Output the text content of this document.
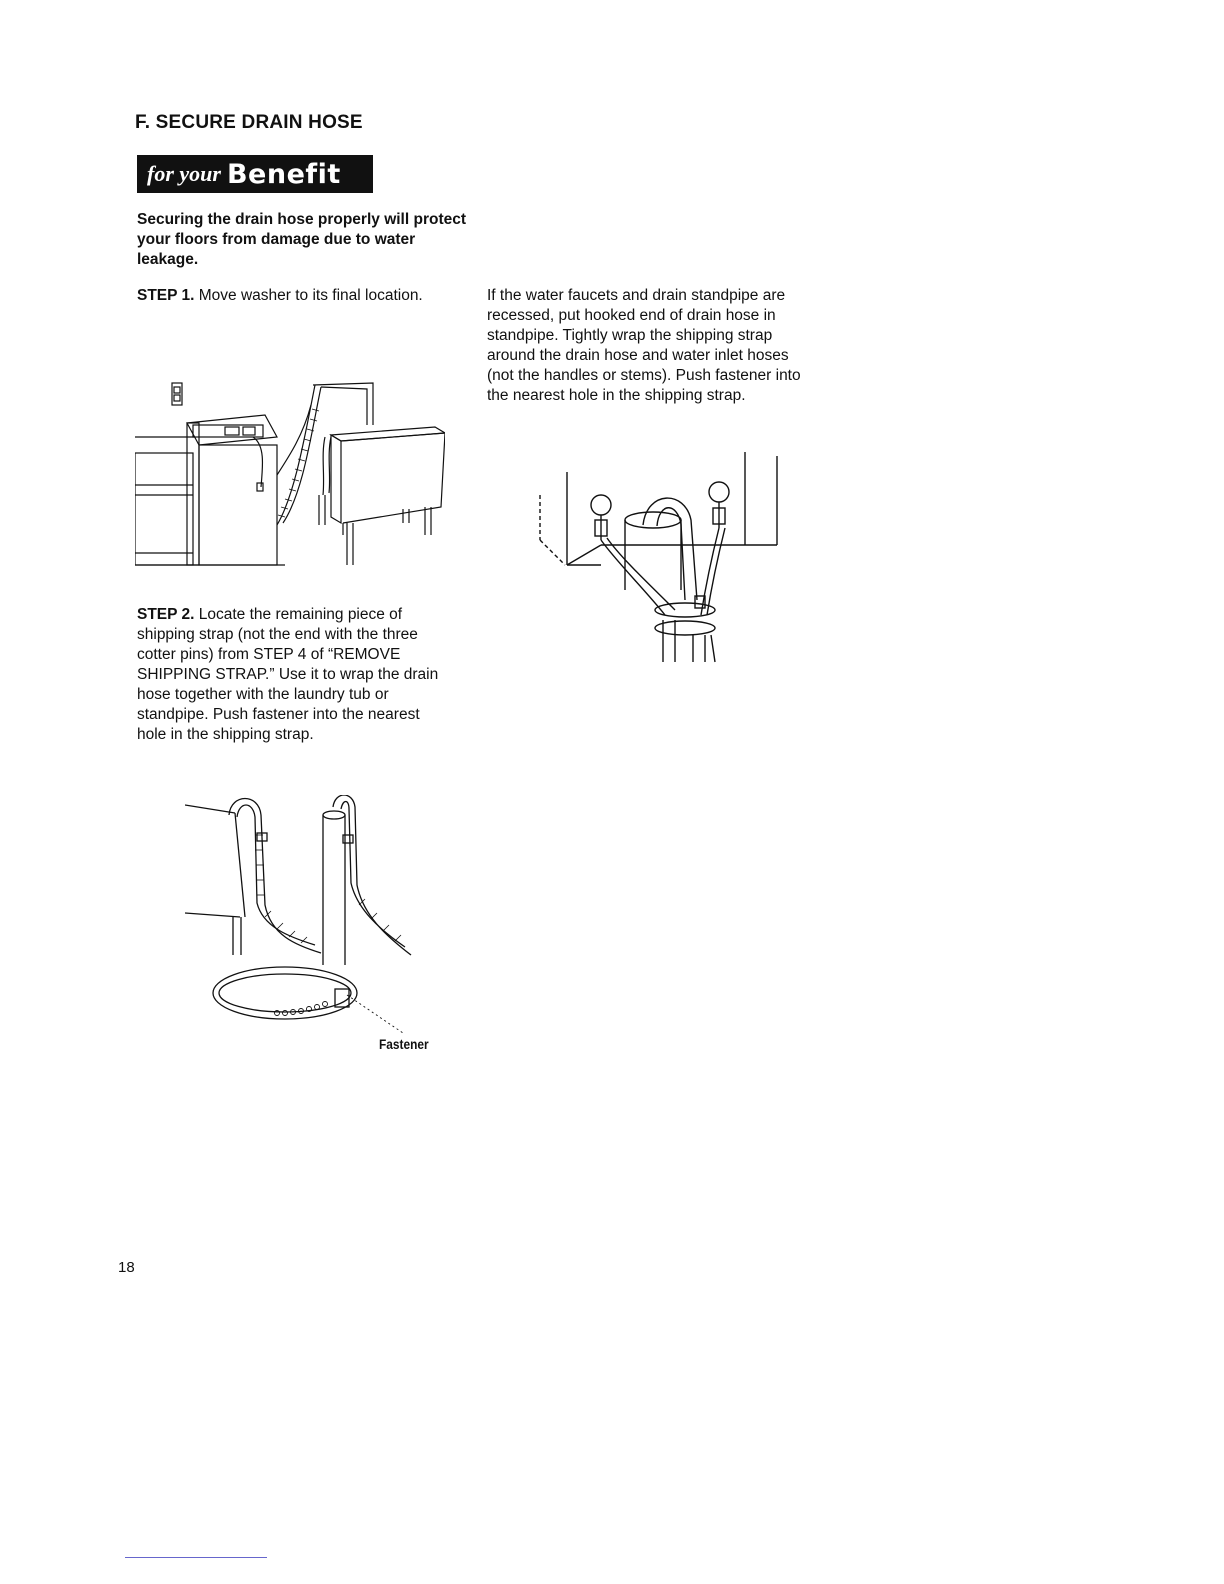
F. SECURE DRAIN HOSE
for your Benefit
Securing the drain hose properly will protect your floors from damage due to water leakage.
STEP 1. Move washer to its final location.	If the water faucets and drain standpipe are recessed, put hooked end of drain hose in standpipe. Tightly wrap the shipping strap around the drain hose and water inlet hoses (not the handles or stems). Push fastener into the nearest hole in the shipping strap.
STEP 2. Locate the remaining piece of shipping strap (not the end with the three cotter pins) from STEP 4 of “REMOVE SHIPPING STRAP.” Use it to wrap the drain hose together with the laundry tub or standpipe. Push fastener into the nearest hole in the shipping strap.
Fastener
18
